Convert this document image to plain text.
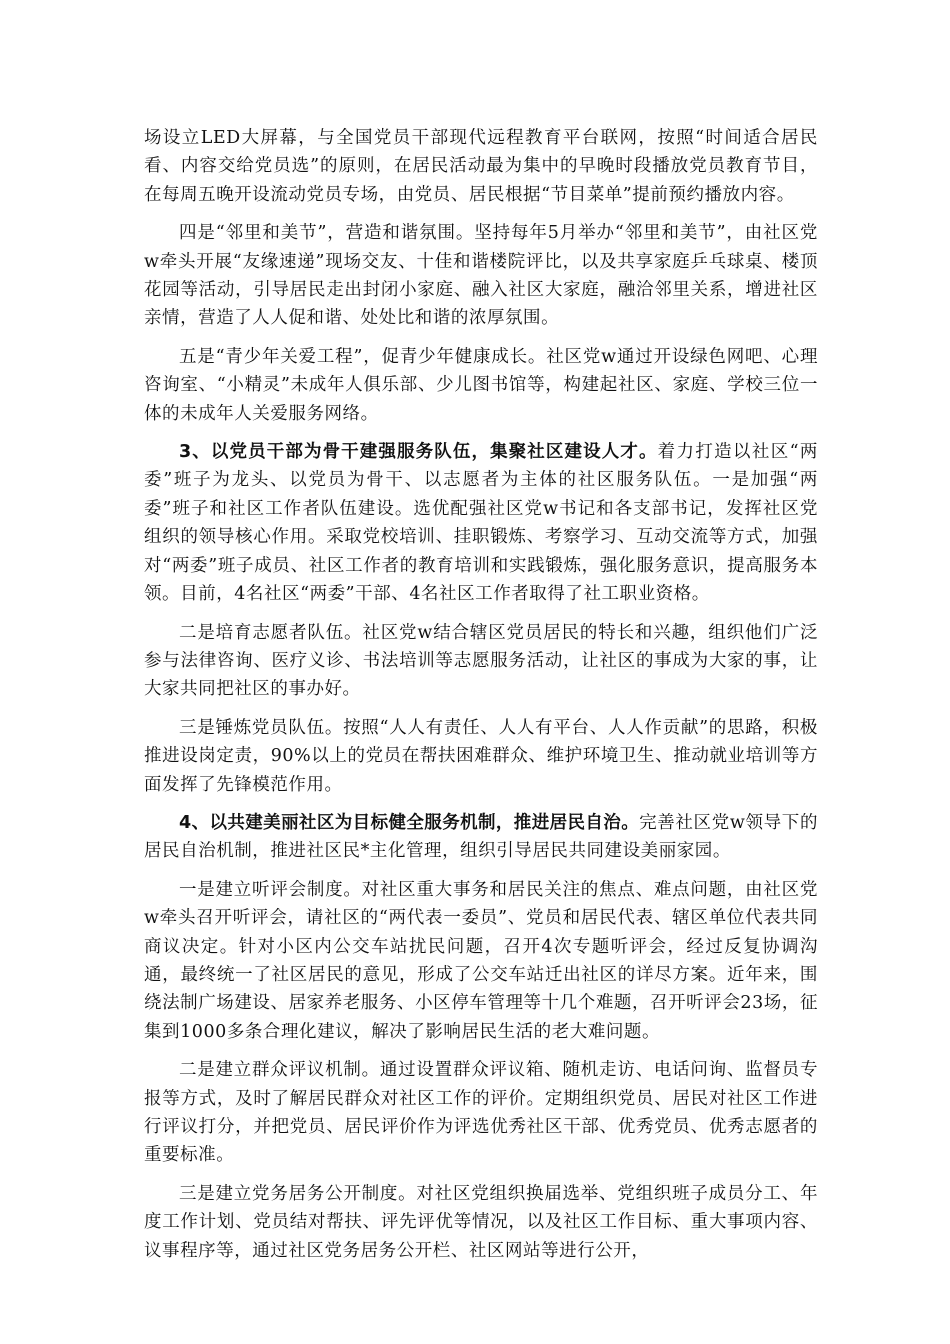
场设立LED大屏幕，与全国党员干部现代远程教育平台联网，按照“时间适合居民看、内容交给党员选”的原则，在居民活动最为集中的早晚时段播放党员教育节目，在每周五晚开设流动党员专场，由党员、居民根据“节目菜单”提前预约播放内容。

四是“邻里和美节”，营造和谐氛围。坚持每年5月举办“邻里和美节”，由社区党w牵头开展“友缘速递”现场交友、十佳和谐楼院评比，以及共享家庭乒乓球桌、楼顶花园等活动，引导居民走出封闭小家庭、融入社区大家庭，融洽邻里关系，增进社区亲情，营造了人人促和谐、处处比和谐的浓厚氛围。

五是“青少年关爱工程”，促青少年健康成长。社区党w通过开设绿色网吧、心理咨询室、“小精灵”未成年人俱乐部、少儿图书馆等，构建起社区、家庭、学校三位一体的未成年人关爱服务网络。

3、以党员干部为骨干建强服务队伍，集聚社区建设人才。着力打造以社区“两委”班子为龙头、以党员为骨干、以志愿者为主体的社区服务队伍。一是加强“两委”班子和社区工作者队伍建设。选优配强社区党w书记和各支部书记，发挥社区党组织的领导核心作用。采取党校培训、挂职锻炼、考察学习、互动交流等方式，加强对“两委”班子成员、社区工作者的教育培训和实践锻炼，强化服务意识，提高服务本领。目前，4名社区“两委”干部、4名社区工作者取得了社工职业资格。

二是培育志愿者队伍。社区党w结合辖区党员居民的特长和兴趣，组织他们广泛参与法律咨询、医疗义诊、书法培训等志愿服务活动，让社区的事成为大家的事，让大家共同把社区的事办好。

三是锤炼党员队伍。按照“人人有责任、人人有平台、人人作贡献”的思路，积极推进设岗定责，90%以上的党员在帮扶困难群众、维护环境卫生、推动就业培训等方面发挥了先锋模范作用。

4、以共建美丽社区为目标健全服务机制，推进居民自治。完善社区党w领导下的居民自治机制，推进社区民*主化管理，组织引导居民共同建设美丽家园。

一是建立听评会制度。对社区重大事务和居民关注的焦点、难点问题，由社区党w牵头召开听评会，请社区的“两代表一委员”、党员和居民代表、辖区单位代表共同商议决定。针对小区内公交车站扰民问题，召开4次专题听评会，经过反复协调沟通，最终统一了社区居民的意见，形成了公交车站迁出社区的详尽方案。近年来，围绕法制广场建设、居家养老服务、小区停车管理等十几个难题，召开听评会23场，征集到1000多条合理化建议，解决了影响居民生活的老大难问题。

二是建立群众评议机制。通过设置群众评议箱、随机走访、电话问询、监督员专报等方式，及时了解居民群众对社区工作的评价。定期组织党员、居民对社区工作进行评议打分，并把党员、居民评价作为评选优秀社区干部、优秀党员、优秀志愿者的重要标准。

三是建立党务居务公开制度。对社区党组织换届选举、党组织班子成员分工、年度工作计划、党员结对帮扶、评先评优等情况，以及社区工作目标、重大事项内容、议事程序等，通过社区党务居务公开栏、社区网站等进行公开，
